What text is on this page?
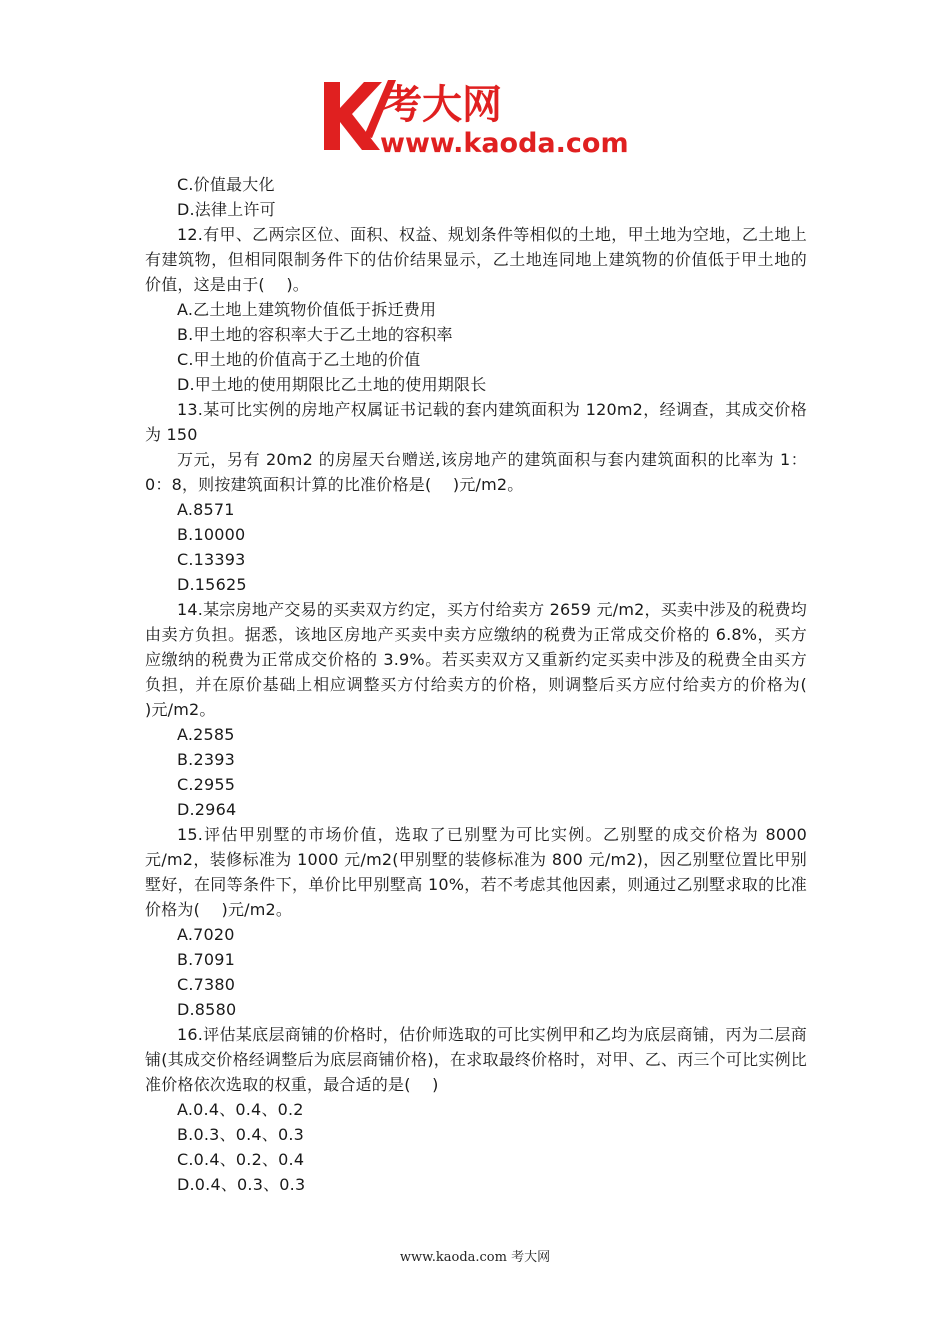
考大网
www.kaoda.com
C.价值最大化
D.法律上许可
12.有甲、乙两宗区位、面积、权益、规划条件等相似的土地，甲土地为空地，乙土地上有建筑物，但相同限制务件下的估价结果显示，乙土地连同地上建筑物的价值低于甲土地的价值，这是由于(　 )。
A.乙土地上建筑物价值低于拆迁费用
B.甲土地的容积率大于乙土地的容积率
C.甲土地的价值高于乙土地的价值
D.甲土地的使用期限比乙土地的使用期限长
13.某可比实例的房地产权属证书记载的套内建筑面积为 120m2，经调查，其成交价格为 150
万元，另有 20m2 的房屋天台赠送,该房地产的建筑面积与套内建筑面积的比率为 1：0：8，则按建筑面积计算的比准价格是(　 )元/m2。
A.8571
B.10000
C.13393
D.15625
14.某宗房地产交易的买卖双方约定，买方付给卖方 2659 元/m2，买卖中涉及的税费均由卖方负担。据悉，该地区房地产买卖中卖方应缴纳的税费为正常成交价格的 6.8%，买方应缴纳的税费为正常成交价格的 3.9%。若买卖双方又重新约定买卖中涉及的税费全由买方负担，并在原价基础上相应调整买方付给卖方的价格，则调整后买方应付给卖方的价格为(　 )元/m2。
A.2585
B.2393
C.2955
D.2964
15.评估甲别墅的市场价值，选取了已别墅为可比实例。乙别墅的成交价格为 8000 元/m2，装修标准为 1000 元/m2(甲别墅的装修标准为 800 元/m2)，因乙别墅位置比甲别墅好，在同等条件下，单价比甲别墅高 10%，若不考虑其他因素，则通过乙别墅求取的比准价格为(　 )元/m2。
A.7020
B.7091
C.7380
D.8580
16.评估某底层商铺的价格时，估价师选取的可比实例甲和乙均为底层商铺，丙为二层商铺(其成交价格经调整后为底层商铺价格)，在求取最终价格时，对甲、乙、丙三个可比实例比准价格依次选取的权重，最合适的是(　 )
A.0.4、0.4、0.2
B.0.3、0.4、0.3
C.0.4、0.2、0.4
D.0.4、0.3、0.3
www.kaoda.com 考大网
